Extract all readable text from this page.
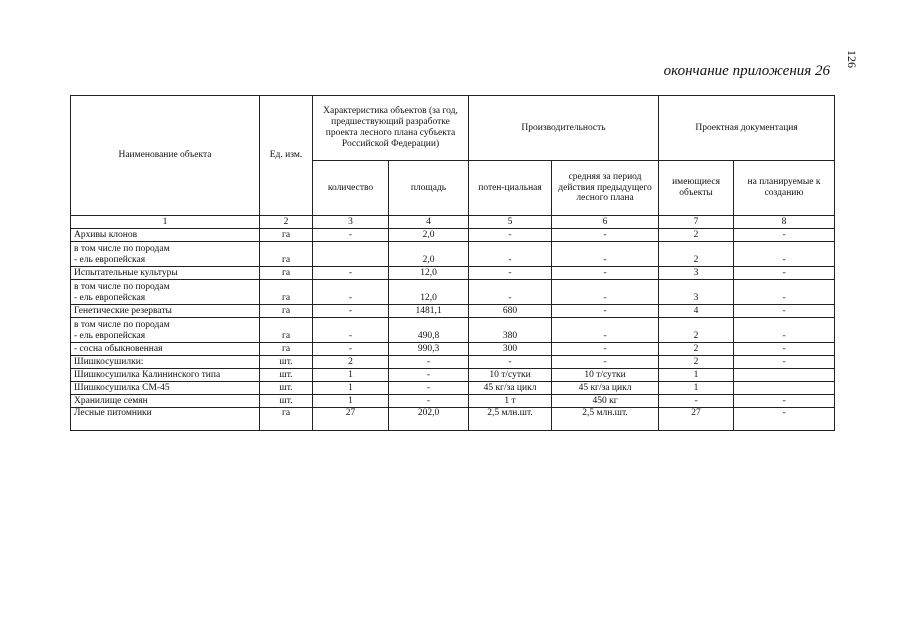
126
окончание приложения 26
Наименование объекта	Ед. изм.	Характеристика объектов (за год, предшествующий разработке проекта лесного плана субъекта Российской Федерации)		Производительность		Проектная документация	
		количество	площадь	потен-циальная	средняя за период действия предыдущего лесного плана	имеющиеся объекты	на планируемые к созданию
1	2	3	4	5	6	7	8

Архивы клонов	га	-	2,0	-	-	2	-

в том числе по породам
- ель европейская	га		2,0	-	-	2	-

Испытательные культуры	га	-	12,0	-	-	3	-

в том числе по породам
- ель европейская	га	-	12,0	-	-	3	-

Генетические резерваты	га	-	1481,1	680	-	4	-

в том числе по породам
- ель европейская	га	-	490,8	380	-	2	-

- сосна обыкновенная	га	-	990,3	300	-	2	-

Шишкосушилки:	шт.	2	-	-	-	2	-

Шишкосушилка Калининского типа	шт.	1	-	10 т/сутки	10 т/сутки	1	

Шишкосушилка СМ-45	шт.	1	-	45 кг/за цикл	45 кг/за цикл	1	

Хранилище семян	шт.	1	-	1 т	450 кг	-	-

Лесные питомники	га	27	202,0	2,5 млн.шт.	2,5 млн.шт.	27	-
